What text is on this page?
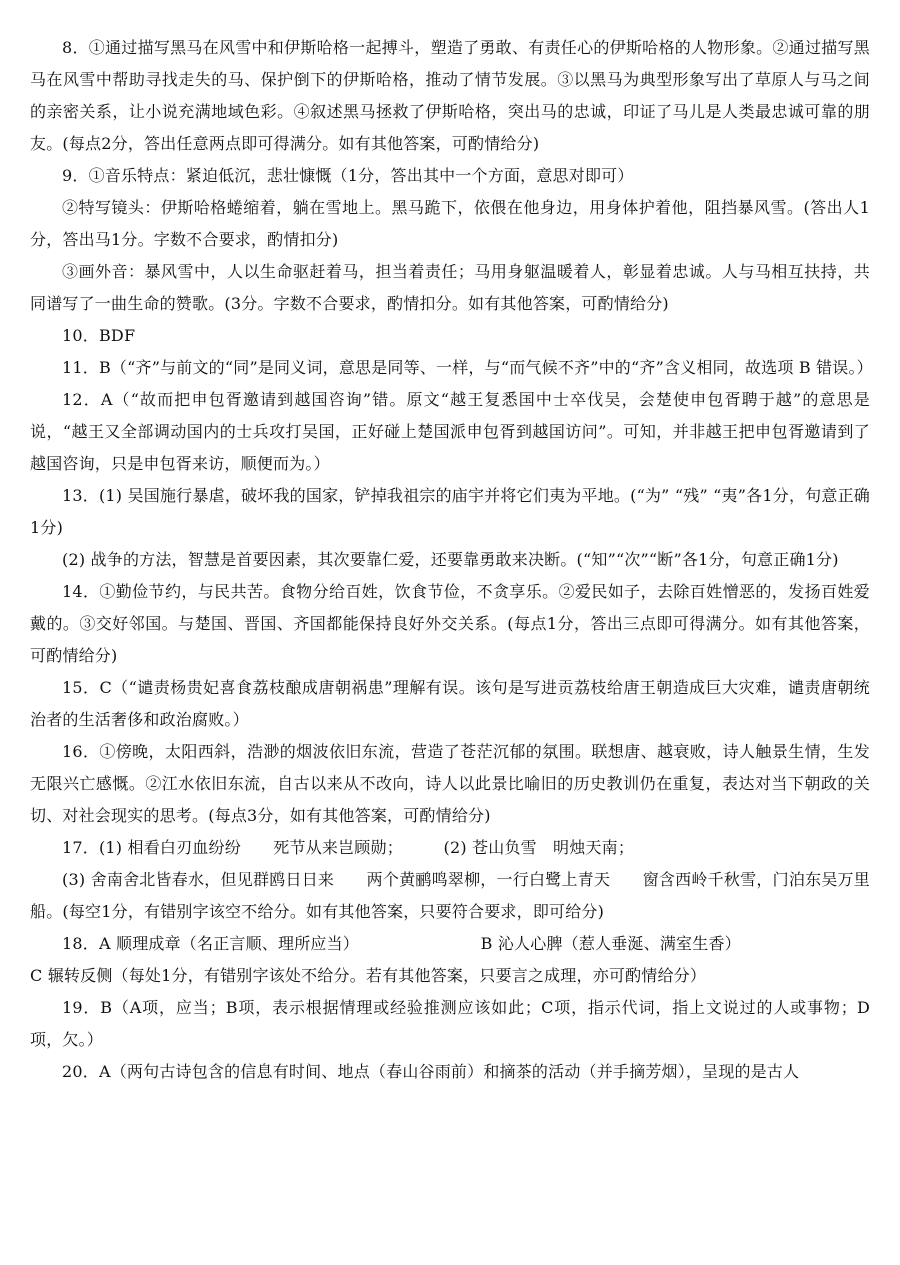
8．①通过描写黑马在风雪中和伊斯哈格一起搏斗，塑造了勇敢、有责任心的伊斯哈格的人物形象。②通过描写黑马在风雪中帮助寻找走失的马、保护倒下的伊斯哈格，推动了情节发展。③以黑马为典型形象写出了草原人与马之间的亲密关系，让小说充满地域色彩。④叙述黑马拯救了伊斯哈格，突出马的忠诚，印证了马儿是人类最忠诚可靠的朋友。(每点2分，答出任意两点即可得满分。如有其他答案，可酌情给分)

9．①音乐特点：紧迫低沉，悲壮慷慨（1分，答出其中一个方面，意思对即可）

②特写镜头：伊斯哈格蜷缩着，躺在雪地上。黑马跪下，依偎在他身边，用身体护着他，阻挡暴风雪。(答出人1分，答出马1分。字数不合要求，酌情扣分)

③画外音：暴风雪中，人以生命驱赶着马，担当着责任；马用身躯温暖着人，彰显着忠诚。人与马相互扶持，共同谱写了一曲生命的赞歌。(3分。字数不合要求，酌情扣分。如有其他答案，可酌情给分)

10．BDF

11．B（“齐”与前文的“同”是同义词，意思是同等、一样，与“而气候不齐”中的“齐”含义相同，故选项 B 错误。）

12．A（“故而把申包胥邀请到越国咨询”错。原文“越王复悉国中士卒伐吴，会楚使申包胥聘于越”的意思是说，“越王又全部调动国内的士兵攻打吴国，正好碰上楚国派申包胥到越国访问”。可知，并非越王把申包胥邀请到了越国咨询，只是申包胥来访，顺便而为。）

13．(1) 吴国施行暴虐，破坏我的国家，铲掉我祖宗的庙宇并将它们夷为平地。(“为” “残” “夷”各1分，句意正确1分)

(2) 战争的方法，智慧是首要因素，其次要靠仁爱，还要靠勇敢来决断。(“知”“次”“断”各1分，句意正确1分)

14．①勤俭节约，与民共苦。食物分给百姓，饮食节俭，不贪享乐。②爱民如子，去除百姓憎恶的，发扬百姓爱戴的。③交好邻国。与楚国、晋国、齐国都能保持良好外交关系。(每点1分，答出三点即可得满分。如有其他答案，可酌情给分)

15．C（“谴责杨贵妃喜食荔枝酿成唐朝祸患”理解有误。该句是写进贡荔枝给唐王朝造成巨大灾难，谴责唐朝统治者的生活奢侈和政治腐败。）

16．①傍晚，太阳西斜，浩渺的烟波依旧东流，营造了苍茫沉郁的氛围。联想唐、越衰败，诗人触景生情，生发无限兴亡感慨。②江水依旧东流，自古以来从不改向，诗人以此景比喻旧的历史教训仍在重复，表达对当下朝政的关切、对社会现实的思考。(每点3分，如有其他答案，可酌情给分)

17．(1) 相看白刃血纷纷　　死节从来岂顾勋；　　　(2) 苍山负雪　明烛天南；

(3) 舍南舍北皆春水，但见群鸥日日来　　两个黄鹂鸣翠柳，一行白鹭上青天　　窗含西岭千秋雪，门泊东吴万里船。(每空1分，有错别字该空不给分。如有其他答案，只要符合要求，即可给分)

18．A 顺理成章（名正言顺、理所应当）　　　　　　　　B 沁人心脾（惹人垂涎、满室生香）

C 辗转反侧（每处1分，有错别字该处不给分。若有其他答案，只要言之成理，亦可酌情给分）

19．B（A项，应当；B项，表示根据情理或经验推测应该如此；C项，指示代词，指上文说过的人或事物；D项，欠。）

20．A（两句古诗包含的信息有时间、地点（春山谷雨前）和摘茶的活动（并手摘芳烟），呈现的是古人
